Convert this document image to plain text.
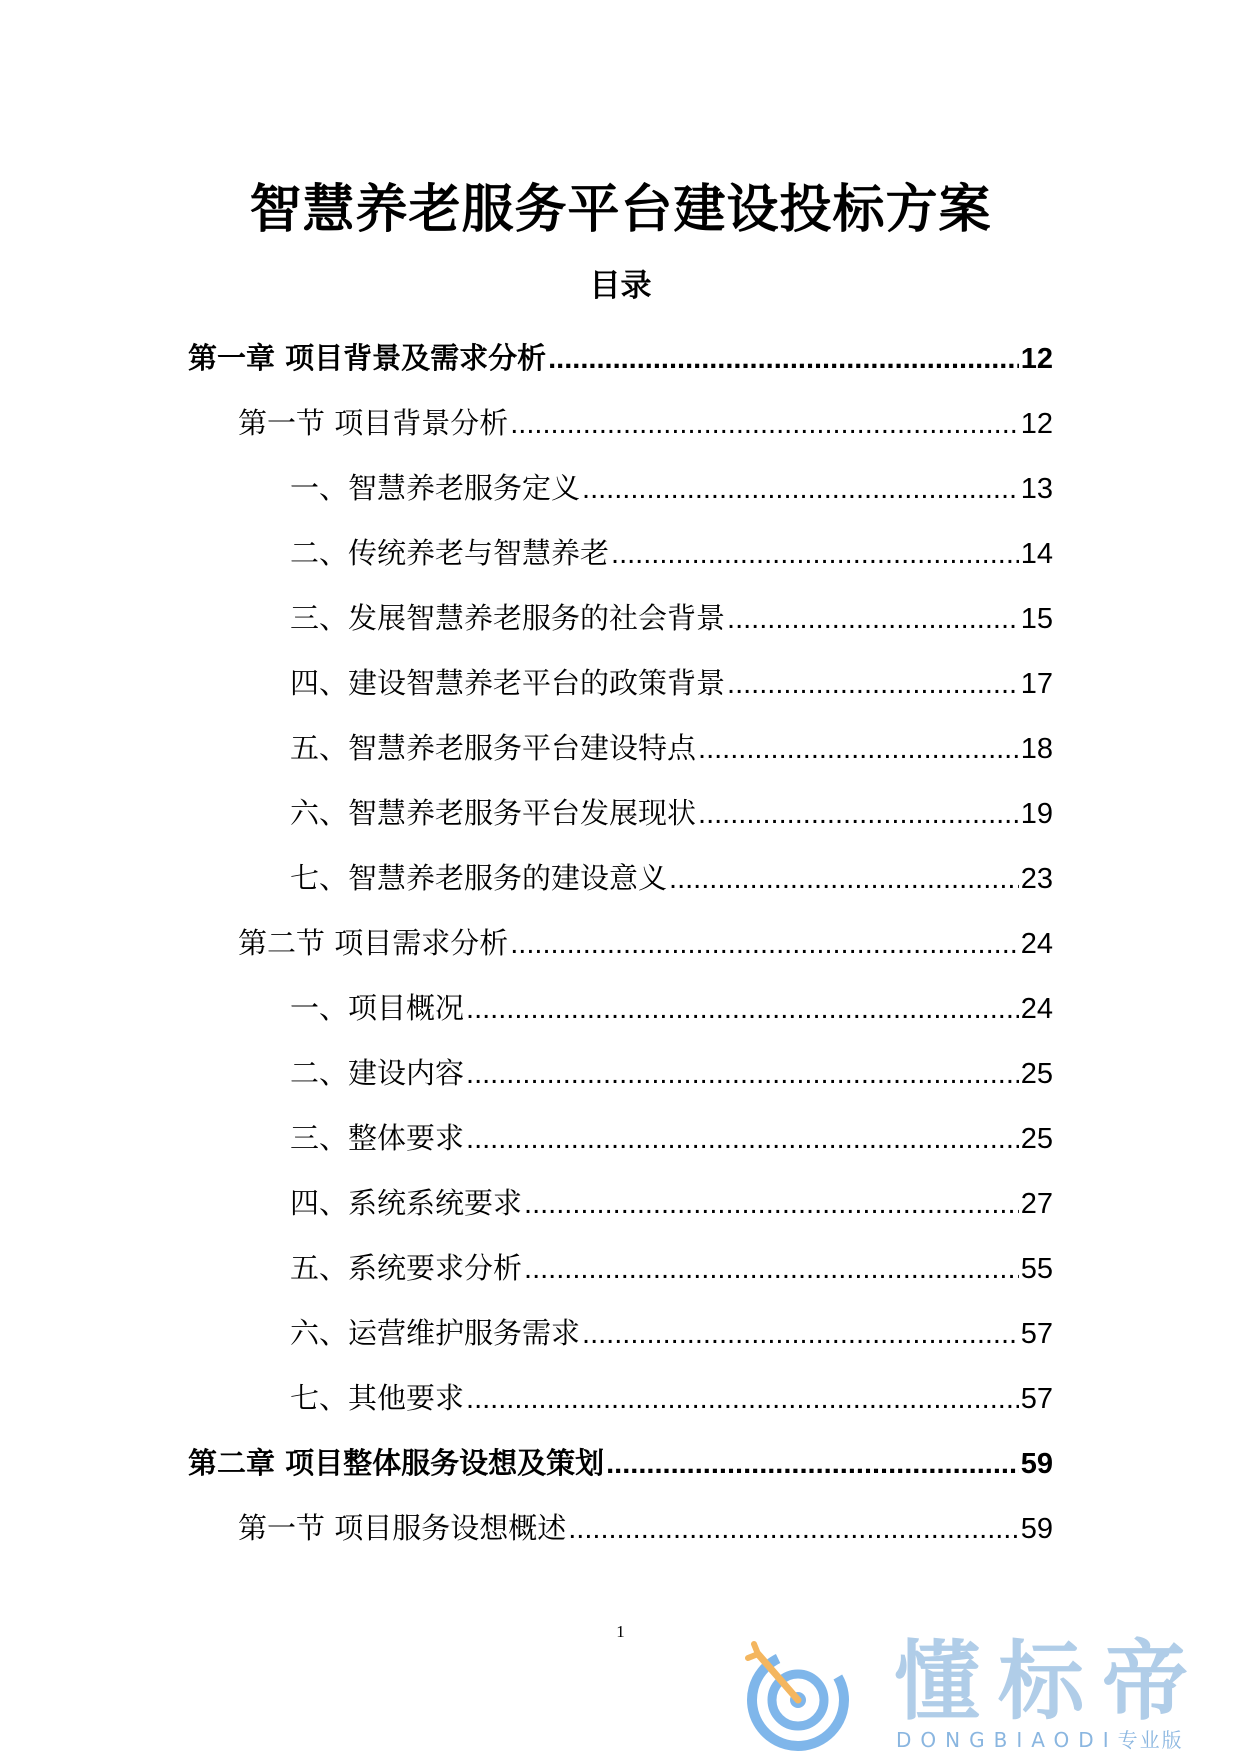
智慧养老服务平台建设投标方案
目录
第一章 项目背景及需求分析 .....	12
第一节 项目背景分析 .....	12
一、智慧养老服务定义 .....	13
二、传统养老与智慧养老 .....	14
三、发展智慧养老服务的社会背景 .....	15
四、建设智慧养老平台的政策背景 .....	17
五、智慧养老服务平台建设特点 .....	18
六、智慧养老服务平台发展现状 .....	19
七、智慧养老服务的建设意义 .....	23
第二节 项目需求分析 .....	24
一、项目概况 .....	24
二、建设内容 .....	25
三、整体要求 .....	25
四、系统系统要求 .....	27
五、系统要求分析 .....	55
六、运营维护服务需求 .....	57
七、其他要求 .....	57
第二章 项目整体服务设想及策划 .....	59
第一节 项目服务设想概述 .....	59
1
懂标帝
DONGBIAODI专业版
